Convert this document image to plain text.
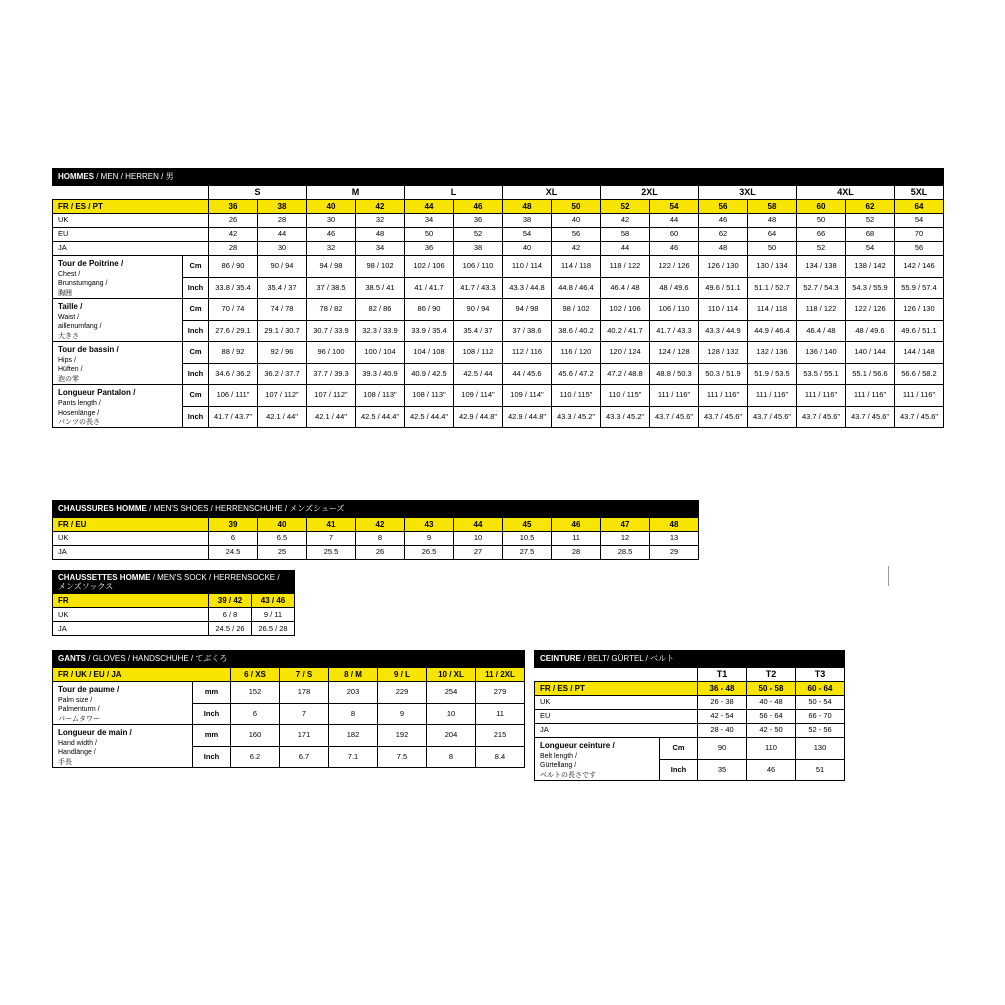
HOMMES / MEN / HERREN / 男																
		S		M		L		XL		2XL		3XL		4XL		5XL
FR / ES / PT		36	38	40	42	44	46	48	50	52	54	56	58	60	62	64
UK		26	28	30	32	34	36	38	40	42	44	46	48	50	52	54
EU		42	44	46	48	50	52	54	56	58	60	62	64	66	68	70
JA		28	30	32	34	36	38	40	42	44	46	48	50	52	54	56
Tour de Poitrine /
Chest /
Brunstumgang /
胸囲	Cm	86 / 90	90 / 94	94 / 98	98 / 102	102 / 106	106 / 110	110 / 114	114 / 118	118 / 122	122 / 126	126 / 130	130 / 134	134 / 138	138 / 142	142 / 146
	Inch	33.8 / 35.4	35.4 / 37	37 / 38.5	38.5 / 41	41 / 41.7	41.7 / 43.3	43.3 / 44.8	44.8 / 46.4	46.4 / 48	48 / 49.6	49.6 / 51.1	51.1 / 52.7	52.7 / 54.3	54.3 / 55.9	55.9 / 57.4
Taille /
Waist /
aillenumfang /
大きさ	Cm	70 / 74	74 / 78	78 / 82	82 / 86	86 / 90	90 / 94	94 / 98	98 / 102	102 / 106	106 / 110	110 / 114	114 / 118	118 / 122	122 / 126	126 / 130
	Inch	27.6 / 29.1	29.1 / 30.7	30.7 / 33.9	32.3 / 33.9	33.9 / 35.4	35.4 / 37	37 / 38.6	38.6 / 40.2	40.2 / 41.7	41.7 / 43.3	43.3 / 44.9	44.9 / 46.4	46.4 / 48	48 / 49.6	49.6 / 51.1
Tour de bassin /
Hips /
Hüften /
泡の零	Cm	88 / 92	92 / 96	96 / 100	100 / 104	104 / 108	108 / 112	112 / 116	116 / 120	120 / 124	124 / 128	128 / 132	132 / 136	136 / 140	140 / 144	144 / 148
	Inch	34.6 / 36.2	36.2 / 37.7	37.7 / 39.3	39.3 / 40.9	40.9 / 42.5	42.5 / 44	44 / 45.6	45.6 / 47.2	47.2 / 48.8	48.8 / 50.3	50.3 / 51.9	51.9 / 53.5	53.5 / 55.1	55.1 / 56.6	56.6 / 58.2
Longueur Pantalon /
Pants length /
Hosenlänge /
パンツの長さ	Cm	106 / 111"	107 / 112"	107 / 112"	108 / 113"	108 / 113"	109 / 114"	109 / 114"	110 / 115"	110 / 115"	111 / 116"	111 / 116"	111 / 116"	111 / 116"	111 / 116"	111 / 116"
	Inch	41.7 / 43.7"	42.1 / 44"	42.1 / 44"	42.5 / 44.4"	42.5 / 44.4"	42.9 / 44.8"	42.9 / 44.8"	43.3 / 45.2"	43.3 / 45.2"	43.7 / 45.6"	43.7 / 45.6"	43.7 / 45.6"	43.7 / 45.6"	43.7 / 45.6"	43.7 / 45.6"
CHAUSSURES HOMME / MEN'S SHOES / HERRENSCHUHE / メンズシューズ										
FR / EU	39	40	41	42	43	44	45	46	47	48
UK	6	6.5	7	8	9	10	10.5	11	12	13
JA	24.5	25	25.5	26	26.5	27	27.5	28	28.5	29
CHAUSSETTES HOMME / MEN'S SOCK / HERRENSOCKE / メンズソックス		
FR	39 / 42	43 / 46
UK	6 / 8	9 / 11
JA	24.5 / 26	26.5 / 28
GANTS / GLOVES / HANDSCHUHE / てぶくろ							
FR / UK / EU / JA		6 / XS	7 / S	8 / M	9 / L	10 / XL	11 / 2XL
Tour de paume /
Palm size /
Palmenturm /
パームタワー	mm	152	178	203	229	254	279
	Inch	6	7	8	9	10	11
Longueur de main /
Hand width /
Handlänge /
手長	mm	160	171	182	192	204	215
	Inch	6.2	6.7	7.1	7.5	8	8.4
CEINTURE / BELT/ GÜRTEL / ベルト				
		T1	T2	T3
FR / ES / PT		36 - 48	50 - 58	60 - 64
UK		26 - 38	40 - 48	50 - 54
EU		42 - 54	56 - 64	66 - 70
JA		28 - 40	42 - 50	52 - 56
Longueur ceinture /
Belt length /
Gürtellang /
ベルトの長さです	Cm	90	110	130
	Inch	35	46	51
